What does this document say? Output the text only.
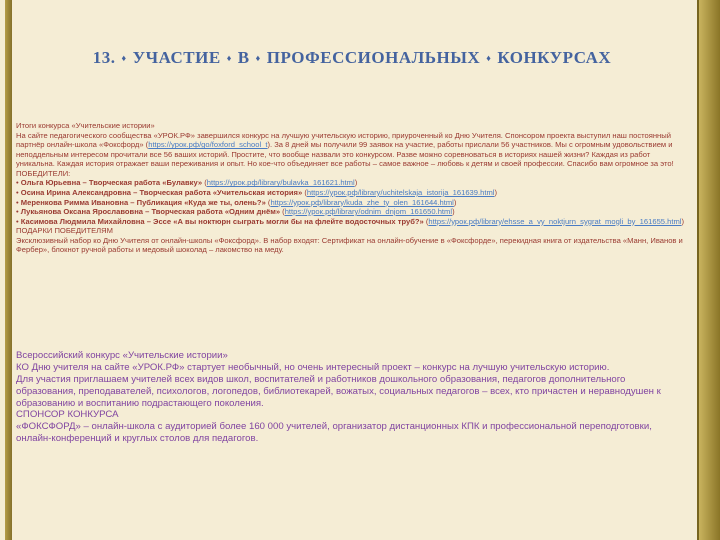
13. ♦ УЧАСТИЕ ♦ В ♦ ПРОФЕССИОНАЛЬНЫХ ♦ КОНКУРСАХ
Итоги конкурса «Учительские истории»
На сайте педагогического сообщества «УРОК.РФ» завершился конкурс на лучшую учительскую историю, приуроченный ко Дню Учителя. Спонсором проекта выступил наш постоянный партнёр онлайн-школа «Фоксфорд» (https://урок.рф/go/foxford_school_t). За 8 дней мы получили 99 заявок на участие, работы прислали 56 участников. Мы с огромным удовольствием и неподдельным интересом прочитали все 56 ваших историй. Простите, что вообще назвали это конкурсом. Разве можно соревноваться в историях нашей жизни? Каждая из работ уникальна. Каждая история отражает ваши переживания и опыт. Но кое-что объединяет все работы – самое важное – любовь к детям и своей профессии. Спасибо вам огромное за это!
ПОБЕДИТЕЛИ:
• Ольга Юрьевна – Творческая работа «Булавку» (https://урок.рф/library/bulavka_161621.html)
• Осина Ирина Александровна – Творческая работа «Учительская история» (https://урок.рф/library/uchitelskaja_istorija_161639.html)
• Меренкова Римма Ивановна – Публикация «Куда же ты, олень?» (https://урок.рф/library/kuda_zhe_ty_olen_161644.html)
• Лукьянова Оксана Ярославовна – Творческая работа «Одним днём» (https://урок.рф/library/odnim_dnjom_161650.html)
• Касимова Людмила Михайловна – Эссе «А вы ноктюрн сыграть могли бы на флейте водосточных труб?» (https://урок.рф/library/ehsse_a_vy_noktjurn_sygrat_mogli_by_161655.html)
ПОДАРКИ ПОБЕДИТЕЛЯМ
Эксклюзивный набор ко Дню Учителя от онлайн-школы «Фоксфорд». В набор входят: Сертификат на онлайн-обучение в «Фоксфорде», перекидная книга от издательства «Манн, Иванов и Фербер», блокнот ручной работы и медовый шоколад – лакомство на меду.

Всероссийский конкурс «Учительские истории»

КО Дню учителя на сайте «УРОК.РФ» стартует необычный, но очень интересный проект – конкурс на лучшую учительскую историю.

Для участия приглашаем учителей всех видов школ, воспитателей и работников дошкольного образования, педагогов дополнительного образования, преподавателей, психологов, логопедов, библиотекарей, вожатых, социальных педагогов – всех, кто причастен и неравнодушен к образованию и воспитанию подрастающего поколения.

СПОНСОР КОНКУРСА

«ФОКСФОРД» – онлайн-школа с аудиторией более 160 000 учителей, организатор дистанционных КПК и профессиональной переподготовки, онлайн-конференций и круглых столов для педагогов.
